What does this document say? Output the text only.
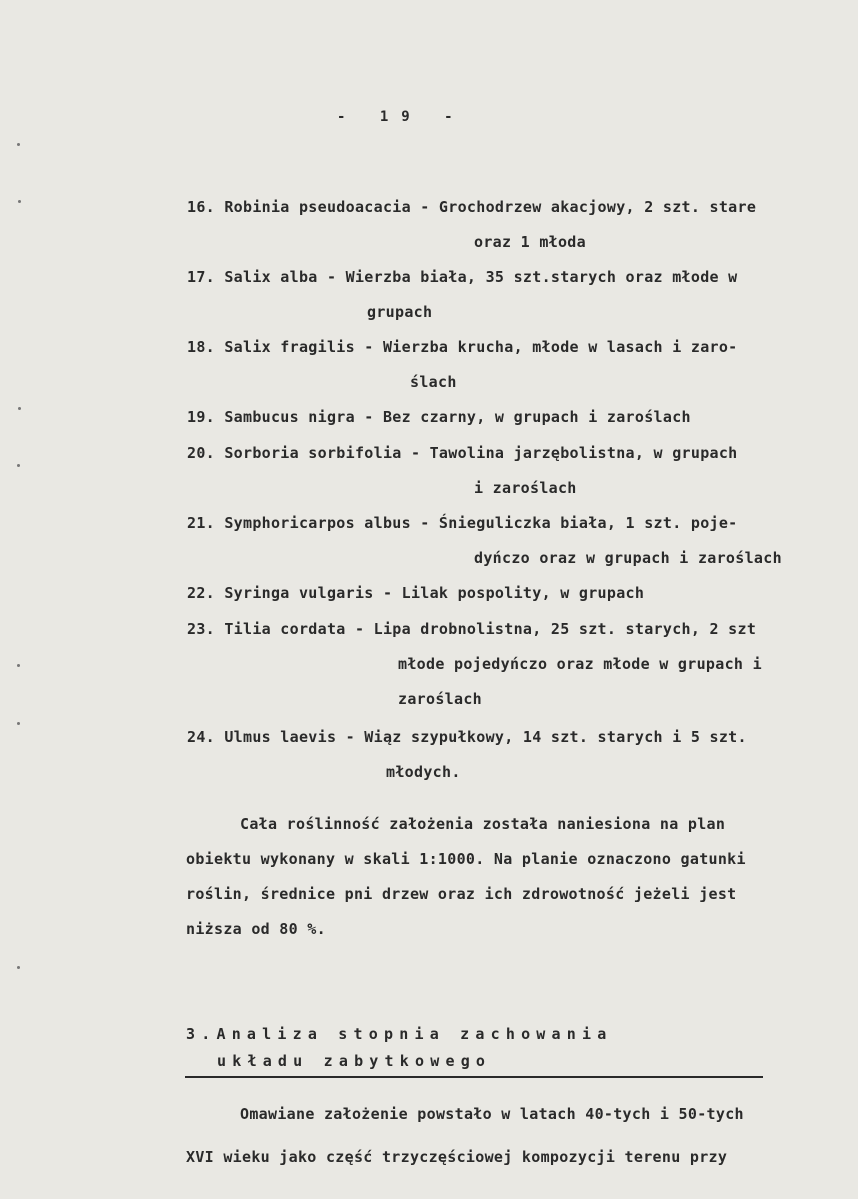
- 19 -
16. Robinia pseudoacacia - Grochodrzew akacjowy, 2 szt. stare
oraz 1 młoda
17. Salix alba - Wierzba biała, 35 szt.starych oraz młode w
grupach
18. Salix fragilis - Wierzba krucha, młode w lasach i zaro-
ślach
19. Sambucus nigra - Bez czarny, w grupach i zaroślach
20. Sorboria sorbifolia - Tawolina jarzębolistna, w grupach
i zaroślach
21. Symphoricarpos albus - Śnieguliczka biała, 1 szt. poje-
dyńczo oraz w grupach i zaroślach
22. Syringa vulgaris - Lilak pospolity, w grupach
23. Tilia cordata - Lipa drobnolistna, 25 szt. starych, 2 szt
młode pojedyńczo oraz młode w grupach i
zaroślach
24. Ulmus laevis - Wiąz szypułkowy, 14 szt. starych i 5 szt.
młodych.
Cała roślinność założenia została naniesiona na plan
obiektu wykonany w skali 1:1000. Na planie oznaczono gatunki
roślin, średnice pni drzew oraz ich zdrowotność jeżeli jest
niższa od 80 %.
3.Analiza stopnia zachowania
układu zabytkowego
Omawiane założenie powstało w latach 40-tych i 50-tych
XVI wieku jako część trzyczęściowej kompozycji terenu przy
